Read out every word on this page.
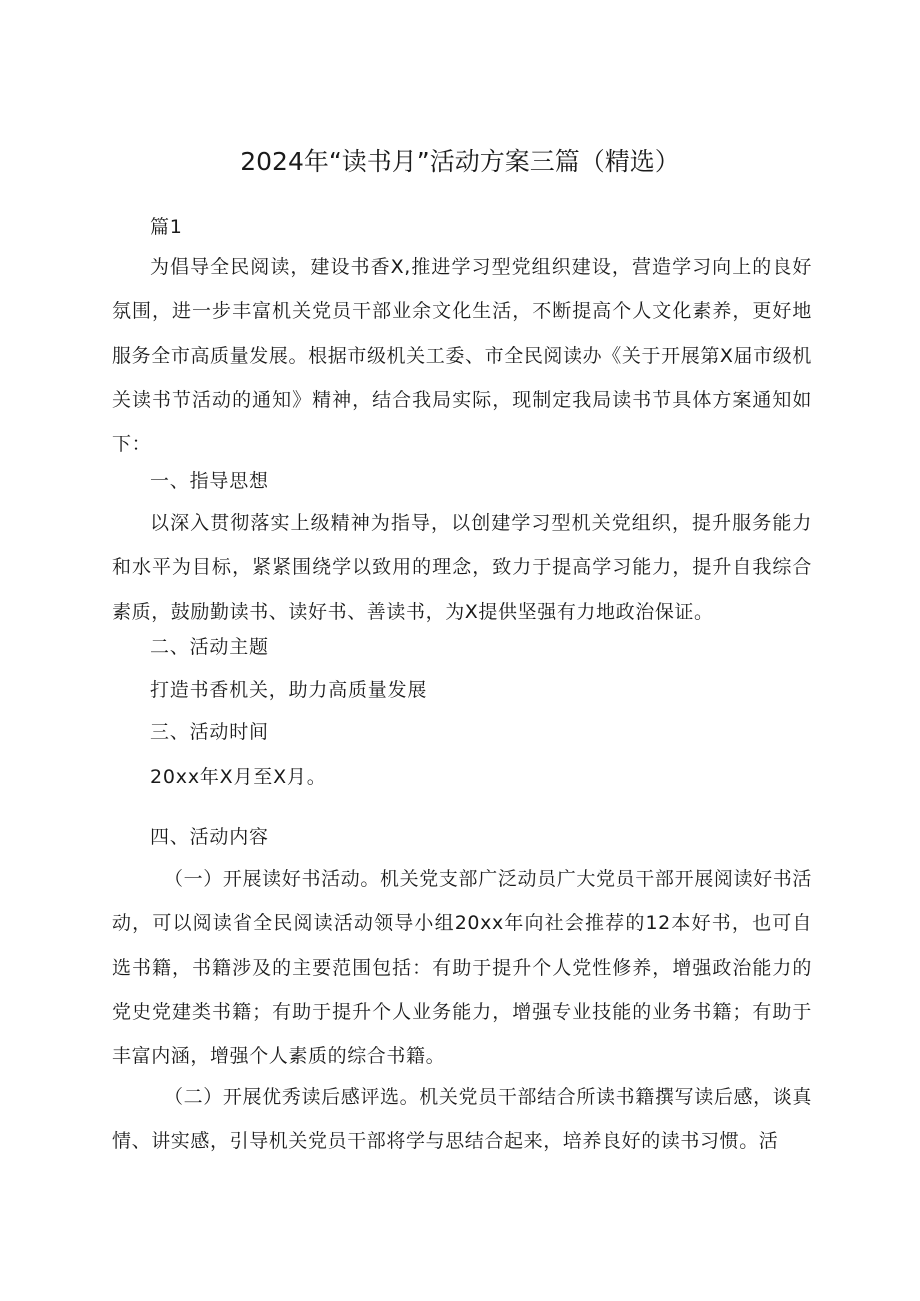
2024年“读书月”活动方案三篇（精选）
篇1

为倡导全民阅读，建设书香X,推进学习型党组织建设，营造学习向上的良好氛围，进一步丰富机关党员干部业余文化生活，不断提高个人文化素养，更好地服务全市高质量发展。根据市级机关工委、市全民阅读办《关于开展第X届市级机关读书节活动的通知》精神，结合我局实际，现制定我局读书节具体方案通知如下：

一、指导思想

以深入贯彻落实上级精神为指导，以创建学习型机关党组织，提升服务能力和水平为目标，紧紧围绕学以致用的理念，致力于提高学习能力，提升自我综合素质，鼓励勤读书、读好书、善读书，为X提供坚强有力地政治保证。

二、活动主题
打造书香机关，助力高质量发展
三、活动时间
20xx年X月至X月。
四、活动内容

（一）开展读好书活动。机关党支部广泛动员广大党员干部开展阅读好书活动，可以阅读省全民阅读活动领导小组20xx年向社会推荐的12本好书，也可自选书籍，书籍涉及的主要范围包括：有助于提升个人党性修养，增强政治能力的党史党建类书籍；有助于提升个人业务能力，增强专业技能的业务书籍；有助于丰富内涵，增强个人素质的综合书籍。

（二）开展优秀读后感评选。机关党员干部结合所读书籍撰写读后感，谈真情、讲实感，引导机关党员干部将学与思结合起来，培养良好的读书习惯。活
